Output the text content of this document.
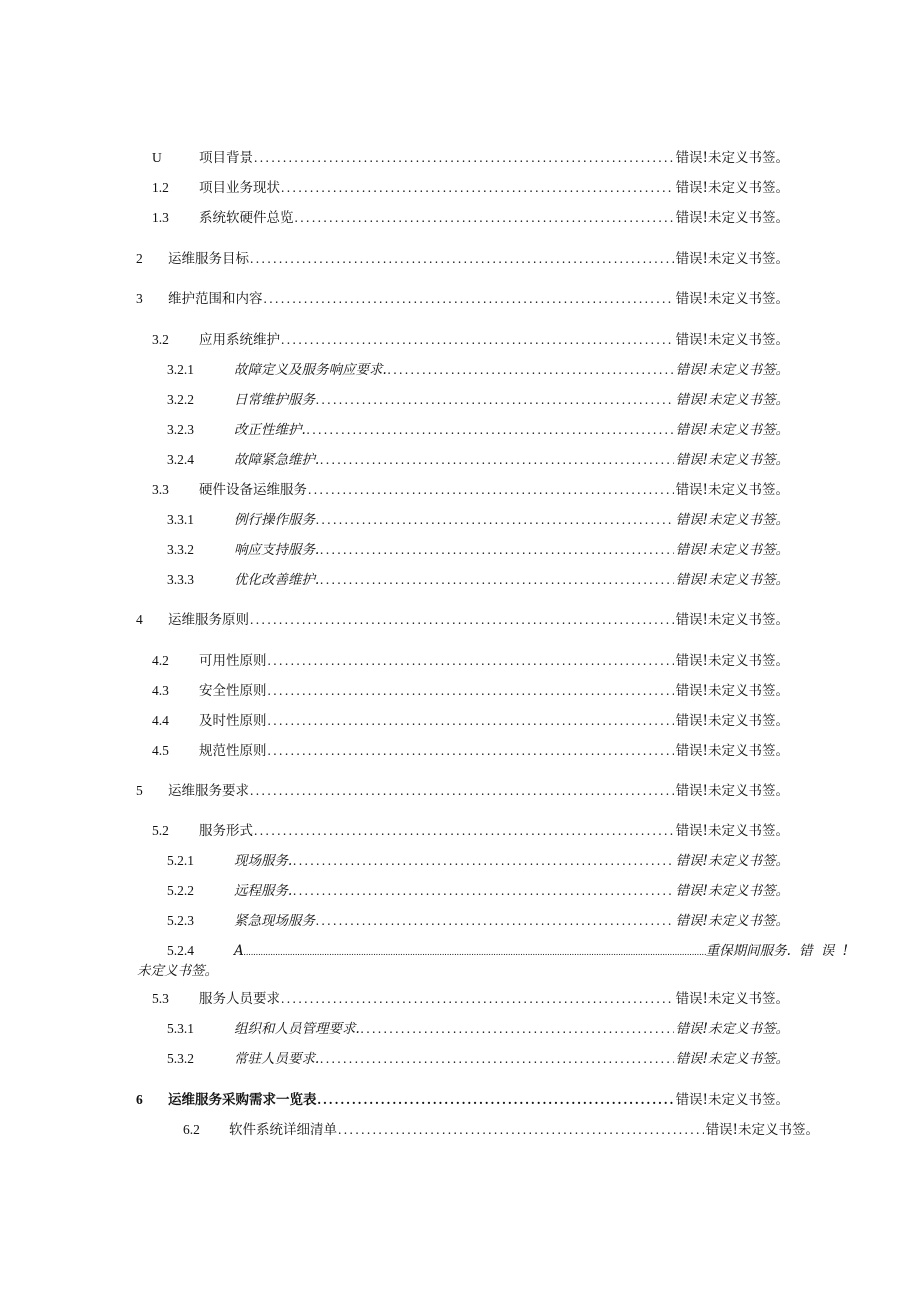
U	项目背景 .....	错误!未定义书签。
1.2 项目业务现状 .....	错误!未定义书签。
1.3 系统软硬件总览 .....	错误!未定义书签。
2 运维服务目标 .....	错误!未定义书签。
3 维护范围和内容 .....	错误!未定义书签。
3.2 应用系统维护 .....	错误!未定义书签。
3.2.1	故障定义及服务响应要求. .....	错误!未定义书签。
3.2.2	日常维护服务 .....	错误!未定义书签。
3.2.3	改正性维护. .....	错误!未定义书签。
3.2.4	故障紧急维护. .....	错误!未定义书签。
3.3 硬件设备运维服务 .....	错误!未定义书签。
3.3.1	例行操作服务 .....	错误!未定义书签。
3.3.2	响应支持服务. .....	错误!未定义书签。
3.3.3	优化改善维护. .....	错误!未定义书签。
4 运维服务原则 .....	错误!未定义书签。
4.2 可用性原则 .....	错误!未定义书签。
4.3 安全性原则 .....	错误!未定义书签。
4.4 及时性原则 .....	错误!未定义书签。
4.5 规范性原则 .....	错误!未定义书签。
5 运维服务要求 .....	错误!未定义书签。
5.2 服务形式 .....	错误!未定义书签。
5.2.1	现场服务. .....	错误!未定义书签。
5.2.2	远程服务. .....	错误!未定义书签。
5.2.3	紧急现场服务 .....	错误!未定义书签。
5.2.4	A .....	重保期间服务. 错 误 !
未定义书签。
5.3 服务人员要求 .....	错误!未定义书签。
5.3.1	组织和人员管理要求. .....	错误!未定义书签。
5.3.2	常驻人员要求. .....	错误!未定义书签。
6 运维服务采购需求一览表 .....	错误!未定义书签。
6.2 软件系统详细清单 .....	错误!未定义书签。
